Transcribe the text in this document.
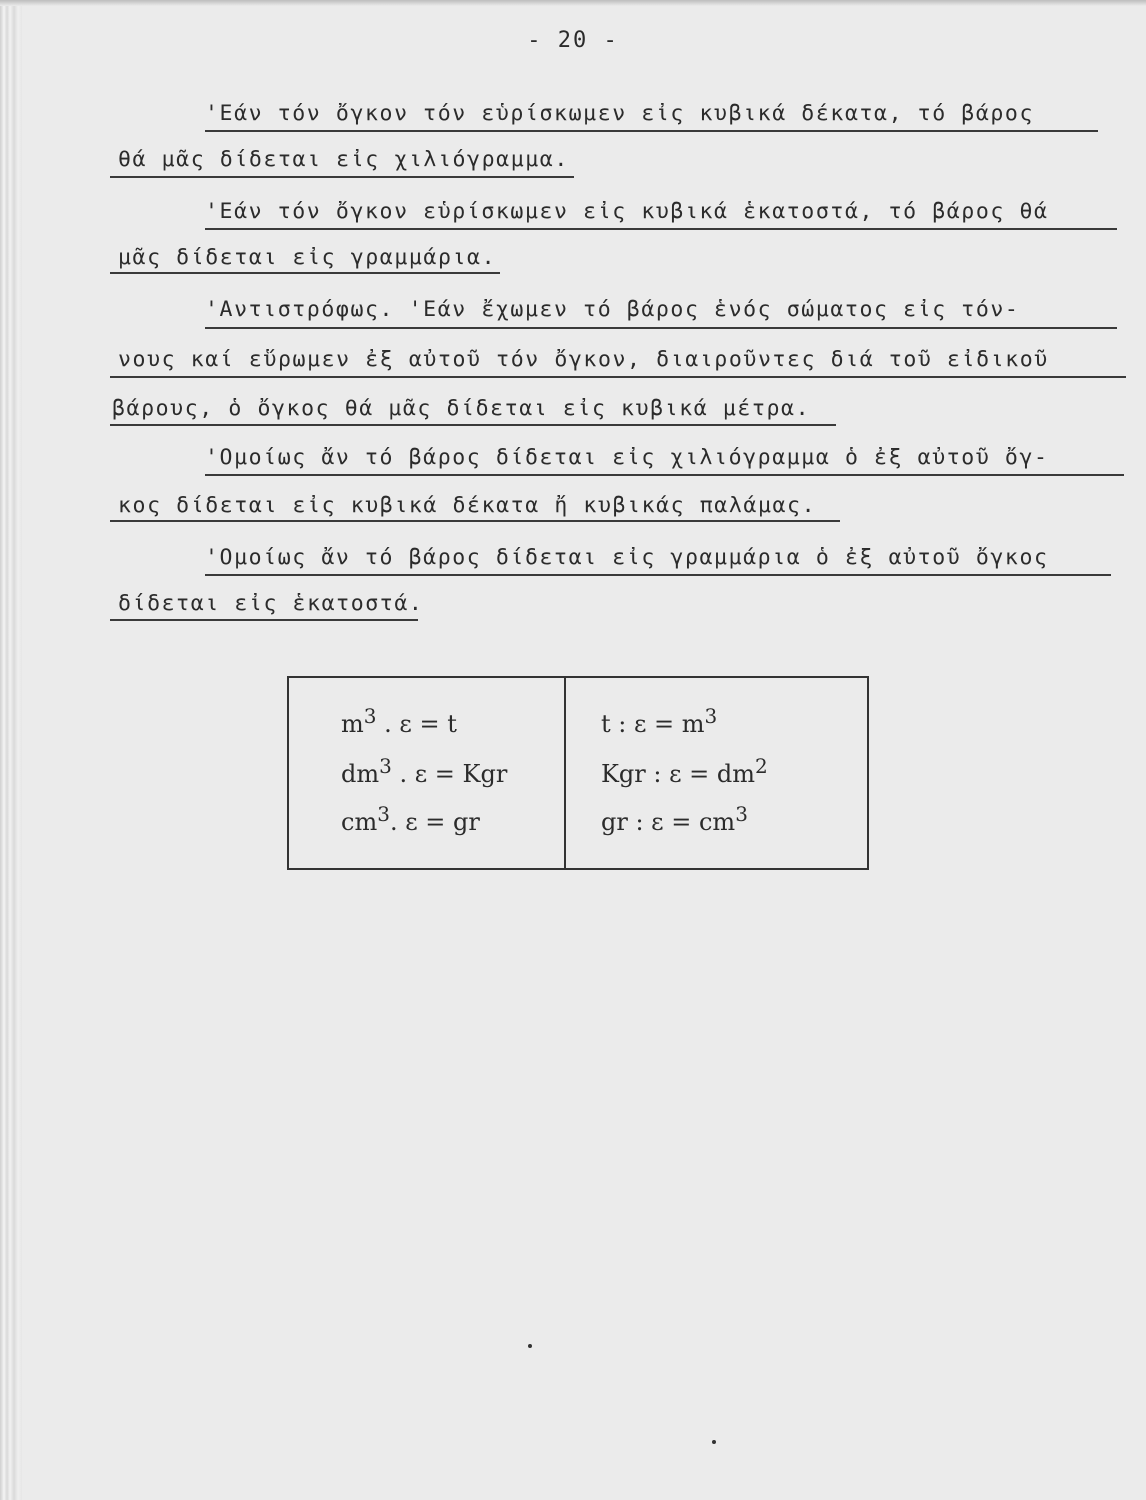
- 20 -
'Εάν τόν ὄγκον τόν εὑρίσκωμεν εἰς κυβικά δέκατα, τό βάρος
θά μᾶς δίδεται εἰς χιλιόγραμμα.
'Εάν τόν ὄγκον εὑρίσκωμεν εἰς κυβικά ἑκατοστά, τό βάρος θά
μᾶς δίδεται εἰς γραμμάρια.
'Αντιστρόφως. 'Εάν ἔχωμεν τό βάρος ἑνός σώματος εἰς τόν-
νους καί εὕρωμεν ἐξ αὐτοῦ τόν ὄγκον, διαιροῦντες διά τοῦ εἰδικοῦ
βάρους, ὁ ὄγκος θά μᾶς δίδεται εἰς κυβικά μέτρα.
'Ομοίως ἄν τό βάρος δίδεται εἰς χιλιόγραμμα ὁ ἐξ αὐτοῦ ὄγ-
κος δίδεται εἰς κυβικά δέκατα ἤ κυβικάς παλάμας.
'Ομοίως ἄν τό βάρος δίδεται εἰς γραμμάρια ὁ ἐξ αὐτοῦ ὄγκος
δίδεται εἰς ἑκατοστά.
$m^3$ . ε = t
$dm^3$ . ε = Kgr
$cm^3$. ε = gr
t : $\varepsilon = m^3$
Kgr : $\varepsilon = dm^2$
gr : $\varepsilon = cm^3$
